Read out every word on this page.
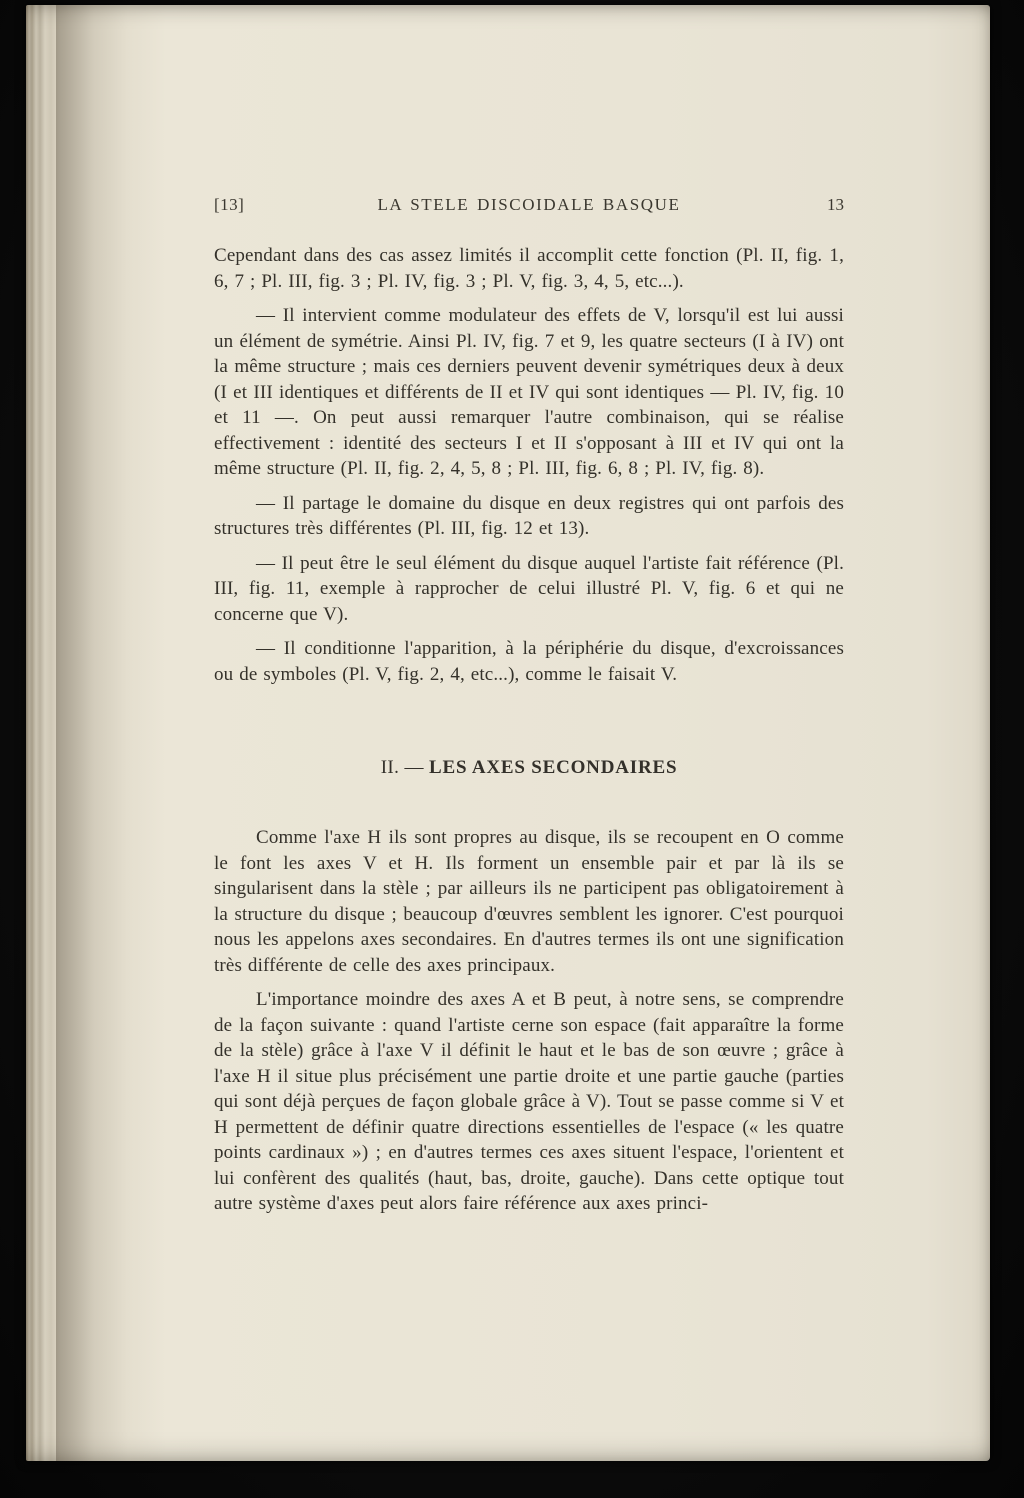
[13]	LA STELE DISCOIDALE BASQUE	13

Cependant dans des cas assez limités il accomplit cette fonction (Pl. II, fig. 1, 6, 7 ; Pl. III, fig. 3 ; Pl. IV, fig. 3 ; Pl. V, fig. 3, 4, 5, etc...).

— Il intervient comme modulateur des effets de V, lorsqu'il est lui aussi un élément de symétrie. Ainsi Pl. IV, fig. 7 et 9, les quatre secteurs (I à IV) ont la même structure ; mais ces derniers peuvent devenir symétriques deux à deux (I et III identiques et différents de II et IV qui sont identiques — Pl. IV, fig. 10 et 11 —. On peut aussi remarquer l'autre combinaison, qui se réalise effectivement : identité des secteurs I et II s'opposant à III et IV qui ont la même structure (Pl. II, fig. 2, 4, 5, 8 ; Pl. III, fig. 6, 8 ; Pl. IV, fig. 8).

— Il partage le domaine du disque en deux registres qui ont parfois des structures très différentes (Pl. III, fig. 12 et 13).

— Il peut être le seul élément du disque auquel l'artiste fait référence (Pl. III, fig. 11, exemple à rapprocher de celui illustré Pl. V, fig. 6 et qui ne concerne que V).

— Il conditionne l'apparition, à la périphérie du disque, d'excroissances ou de symboles (Pl. V, fig. 2, 4, etc...), comme le faisait V.

II. — LES AXES SECONDAIRES

Comme l'axe H ils sont propres au disque, ils se recoupent en O comme le font les axes V et H. Ils forment un ensemble pair et par là ils se singularisent dans la stèle ; par ailleurs ils ne participent pas obligatoirement à la structure du disque ; beaucoup d'œuvres semblent les ignorer. C'est pourquoi nous les appelons axes secondaires. En d'autres termes ils ont une signification très différente de celle des axes principaux.

L'importance moindre des axes A et B peut, à notre sens, se comprendre de la façon suivante : quand l'artiste cerne son espace (fait apparaître la forme de la stèle) grâce à l'axe V il définit le haut et le bas de son œuvre ; grâce à l'axe H il situe plus précisément une partie droite et une partie gauche (parties qui sont déjà perçues de façon globale grâce à V). Tout se passe comme si V et H permettent de définir quatre directions essentielles de l'espace (« les quatre points cardinaux ») ; en d'autres termes ces axes situent l'espace, l'orientent et lui confèrent des qualités (haut, bas, droite, gauche). Dans cette optique tout autre système d'axes peut alors faire référence aux axes princi-
